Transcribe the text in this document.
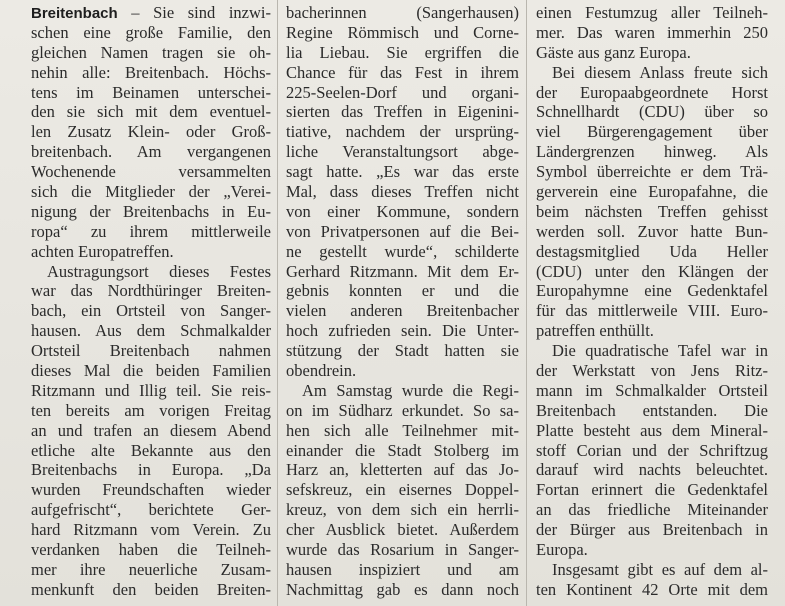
Breitenbach – Sie sind inzwi-
schen eine große Familie, den
gleichen Namen tragen sie oh-
nehin alle: Breitenbach. Höchs-
tens im Beinamen unterschei-
den sie sich mit dem eventuel-
len Zusatz Klein- oder Groß-
breitenbach. Am vergangenen
Wochenende versammelten
sich die Mitglieder der „Verei-
nigung der Breitenbachs in Eu-
ropa“ zu ihrem mittlerweile
achten Europatreffen.
Austragungsort dieses Festes
war das Nordthüringer Breiten-
bach, ein Ortsteil von Sanger-
hausen. Aus dem Schmalkalder
Ortsteil Breitenbach nahmen
dieses Mal die beiden Familien
Ritzmann und Illig teil. Sie reis-
ten bereits am vorigen Freitag
an und trafen an diesem Abend
etliche alte Bekannte aus den
Breitenbachs in Europa. „Da
wurden Freundschaften wieder
aufgefrischt“, berichtete Ger-
hard Ritzmann vom Verein. Zu
verdanken haben die Teilneh-
mer ihre neuerliche Zusam-
menkunft den beiden Breiten-
bacherinnen (Sangerhausen)
Regine Römmisch und Corne-
lia Liebau. Sie ergriffen die
Chance für das Fest in ihrem
225-Seelen-Dorf und organi-
sierten das Treffen in Eigenini-
tiative, nachdem der ursprüng-
liche Veranstaltungsort abge-
sagt hatte. „Es war das erste
Mal, dass dieses Treffen nicht
von einer Kommune, sondern
von Privatpersonen auf die Bei-
ne gestellt wurde“, schilderte
Gerhard Ritzmann. Mit dem Er-
gebnis konnten er und die
vielen anderen Breitenbacher
hoch zufrieden sein. Die Unter-
stützung der Stadt hatten sie
obendrein.
Am Samstag wurde die Regi-
on im Südharz erkundet. So sa-
hen sich alle Teilnehmer mit-
einander die Stadt Stolberg im
Harz an, kletterten auf das Jo-
sefskreuz, ein eisernes Doppel-
kreuz, von dem sich ein herrli-
cher Ausblick bietet. Außerdem
wurde das Rosarium in Sanger-
hausen inspiziert und am
Nachmittag gab es dann noch
einen Festumzug aller Teilneh-
mer. Das waren immerhin 250
Gäste aus ganz Europa.
Bei diesem Anlass freute sich
der Europaabgeordnete Horst
Schnellhardt (CDU) über so
viel Bürgerengagement über
Ländergrenzen hinweg. Als
Symbol überreichte er dem Trä-
gerverein eine Europafahne, die
beim nächsten Treffen gehisst
werden soll. Zuvor hatte Bun-
destagsmitglied Uda Heller
(CDU) unter den Klängen der
Europahymne eine Gedenktafel
für das mittlerweile VIII. Euro-
patreffen enthüllt.
Die quadratische Tafel war in
der Werkstatt von Jens Ritz-
mann im Schmalkalder Ortsteil
Breitenbach entstanden. Die
Platte besteht aus dem Mineral-
stoff Corian und der Schriftzug
darauf wird nachts beleuchtet.
Fortan erinnert die Gedenktafel
an das friedliche Miteinander
der Bürger aus Breitenbach in
Europa.
Insgesamt gibt es auf dem al-
ten Kontinent 42 Orte mit dem
